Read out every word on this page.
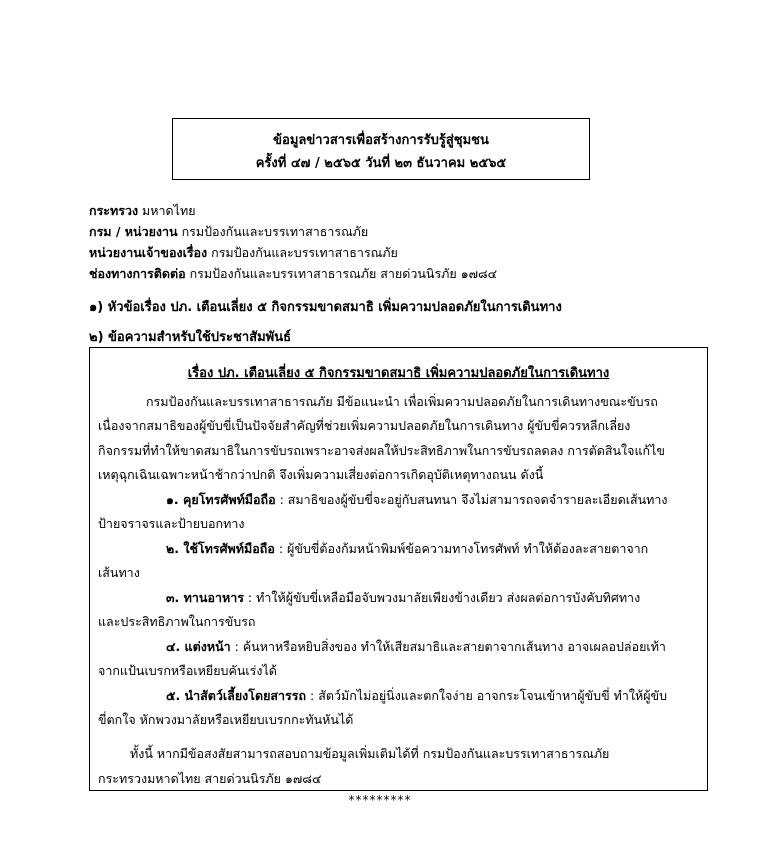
ข้อมูลข่าวสารเพื่อสร้างการรับรู้สู่ชุมชน
ครั้งที่ ๔๗ / ๒๕๖๕ วันที่ ๒๓ ธันวาคม ๒๕๖๕
กระทรวง มหาดไทย
กรม / หน่วยงาน กรมป้องกันและบรรเทาสาธารณภัย
หน่วยงานเจ้าของเรื่อง กรมป้องกันและบรรเทาสาธารณภัย
ช่องทางการติดต่อ กรมป้องกันและบรรเทาสาธารณภัย สายด่วนนิรภัย ๑๗๘๔
๑) หัวข้อเรื่อง ปภ. เตือนเลี่ยง ๕ กิจกรรมขาดสมาธิ เพิ่มความปลอดภัยในการเดินทาง
๒) ข้อความสำหรับใช้ประชาสัมพันธ์
เรื่อง ปภ. เตือนเลี่ยง ๕ กิจกรรมขาดสมาธิ เพิ่มความปลอดภัยในการเดินทาง
กรมป้องกันและบรรเทาสาธารณภัย มีข้อแนะนำ เพื่อเพิ่มความปลอดภัยในการเดินทางขณะขับรถ
เนื่องจากสมาธิของผู้ขับขี่เป็นปัจจัยสำคัญที่ช่วยเพิ่มความปลอดภัยในการเดินทาง ผู้ขับขี่ควรหลีกเลี่ยง
กิจกรรมที่ทำให้ขาดสมาธิในการขับรถเพราะอาจส่งผลให้ประสิทธิภาพในการขับรถลดลง การตัดสินใจแก้ไข
เหตุฉุกเฉินเฉพาะหน้าช้ากว่าปกติ จึงเพิ่มความเสี่ยงต่อการเกิดอุบัติเหตุทางถนน ดังนี้
๑. คุยโทรศัพท์มือถือ : สมาธิของผู้ขับขี่จะอยู่กับสนทนา จึงไม่สามารถจดจำรายละเอียดเส้นทาง
ป้ายจราจรและป้ายบอกทาง
๒. ใช้โทรศัพท์มือถือ : ผู้ขับขี่ต้องก้มหน้าพิมพ์ข้อความทางโทรศัพท์ ทำให้ต้องละสายตาจาก
เส้นทาง
๓. ทานอาหาร : ทำให้ผู้ขับขี่เหลือมือจับพวงมาลัยเพียงข้างเดียว ส่งผลต่อการบังคับทิศทาง
และประสิทธิภาพในการขับรถ
๔. แต่งหน้า : ค้นหาหรือหยิบสิ่งของ ทำให้เสียสมาธิและสายตาจากเส้นทาง อาจเผลอปล่อยเท้า
จากแป้นเบรกหรือเหยียบคันเร่งได้
๕. นำสัตว์เลี้ยงโดยสารรถ : สัตว์มักไม่อยู่นิ่งและตกใจง่าย อาจกระโจนเข้าหาผู้ขับขี่ ทำให้ผู้ขับ
ขี่ตกใจ หักพวงมาลัยหรือเหยียบเบรกกะทันหันได้
ทั้งนี้ หากมีข้อสงสัยสามารถสอบถามข้อมูลเพิ่มเติมได้ที่ กรมป้องกันและบรรเทาสาธารณภัย
กระทรวงมหาดไทย สายด่วนนิรภัย ๑๗๘๔
*********
